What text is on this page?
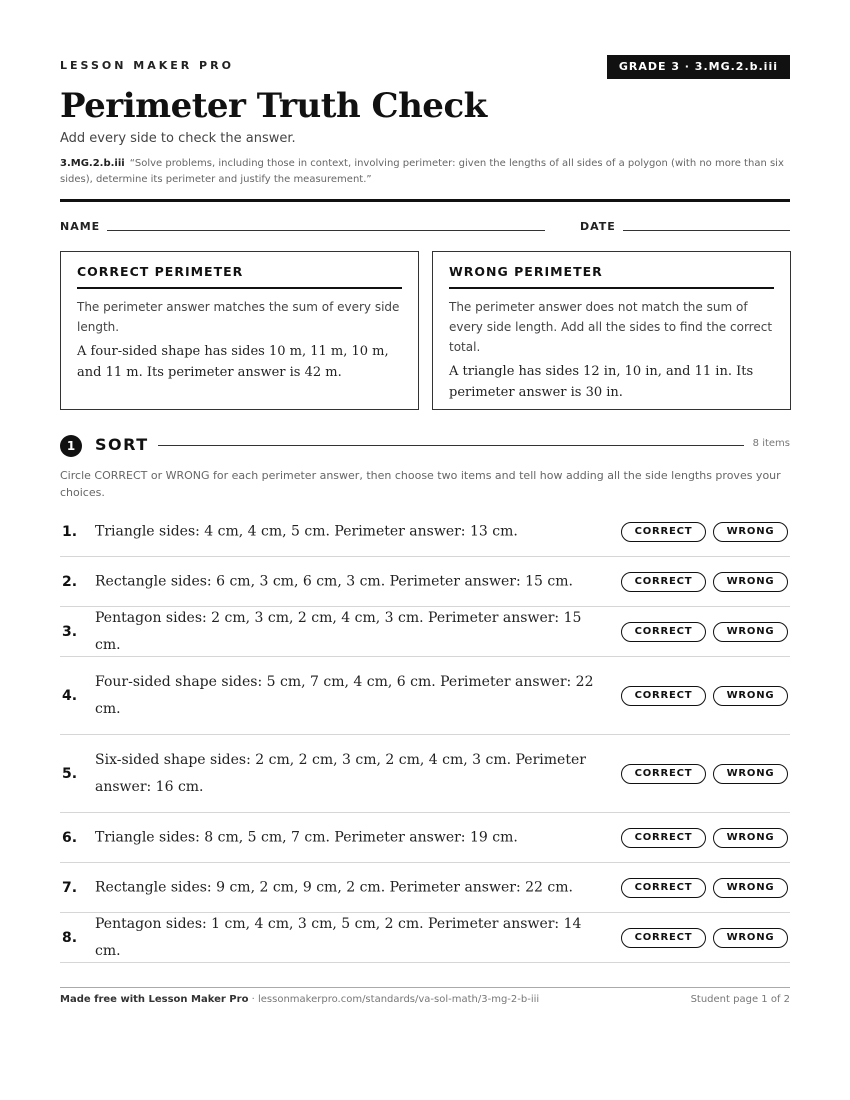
LESSON MAKER PRO	GRADE 3 · 3.MG.2.b.iii
Perimeter Truth Check
Add every side to check the answer.
3.MG.2.b.iii “Solve problems, including those in context, involving perimeter: given the lengths of all sides of a polygon (with no more than six sides), determine its perimeter and justify the measurement.”
NAME	DATE
CORRECT PERIMETER

The perimeter answer matches the sum of every side length.

A four-sided shape has sides 10 m, 11 m, 10 m, and 11 m. Its perimeter answer is 42 m.

WRONG PERIMETER

The perimeter answer does not match the sum of every side length. Add all the sides to find the correct total.

A triangle has sides 12 in, 10 in, and 11 in. Its perimeter answer is 30 in.

1	SORT	8 items
Circle CORRECT or WRONG for each perimeter answer, then choose two items and tell how adding all the side lengths proves your choices.
1. Triangle sides: 4 cm, 4 cm, 5 cm. Perimeter answer: 13 cm.	CORRECT	WRONG
2. Rectangle sides: 6 cm, 3 cm, 6 cm, 3 cm. Perimeter answer: 15 cm.	CORRECT	WRONG
3.
Pentagon sides: 2 cm, 3 cm, 2 cm, 4 cm, 3 cm. Perimeter answer: 15 cm.
CORRECT	WRONG
4.
Four-sided shape sides: 5 cm, 7 cm, 4 cm, 6 cm. Perimeter answer: 22 cm.
CORRECT	WRONG
5.
Six-sided shape sides: 2 cm, 2 cm, 3 cm, 2 cm, 4 cm, 3 cm. Perimeter answer: 16 cm.
CORRECT	WRONG
6. Triangle sides: 8 cm, 5 cm, 7 cm. Perimeter answer: 19 cm.	CORRECT	WRONG
7. Rectangle sides: 9 cm, 2 cm, 9 cm, 2 cm. Perimeter answer: 22 cm.	CORRECT	WRONG
8.
Pentagon sides: 1 cm, 4 cm, 3 cm, 5 cm, 2 cm. Perimeter answer: 14 cm.
CORRECT	WRONG
Made free with Lesson Maker Pro · lessonmakerpro.com/standards/va-sol-math/3-mg-2-b-iii	Student page 1 of 2
